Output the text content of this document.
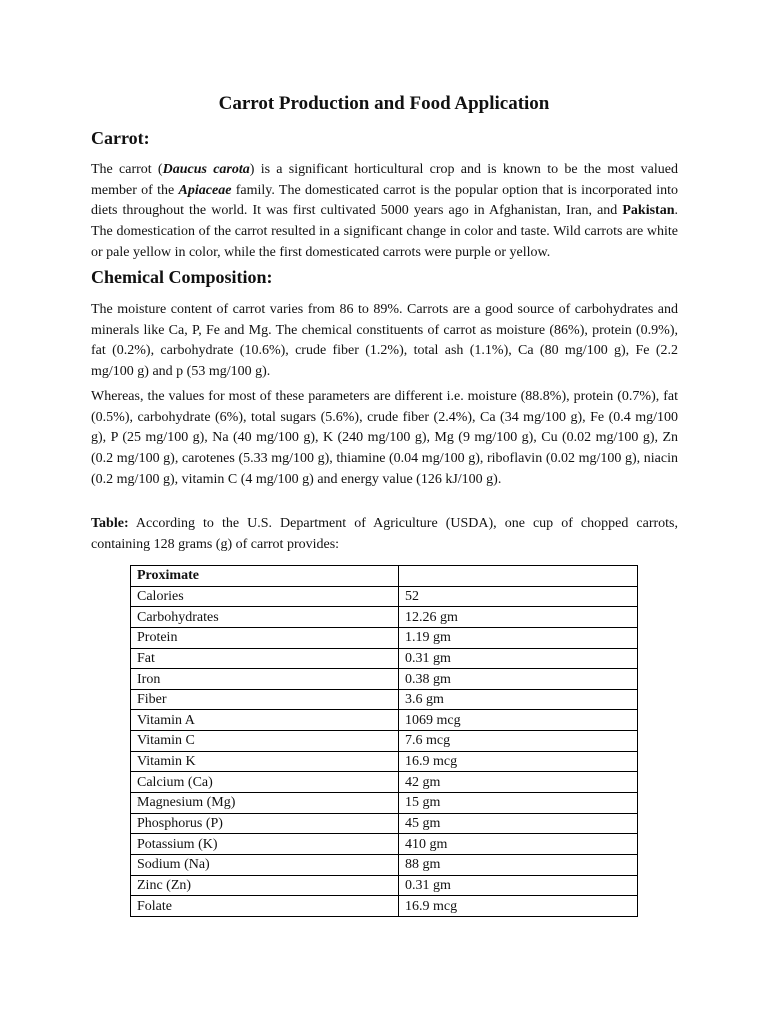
Carrot Production and Food Application
Carrot:

The carrot (Daucus carota) is a significant horticultural crop and is known to be the most valued member of the Apiaceae family. The domesticated carrot is the popular option that is incorporated into diets throughout the world. It was first cultivated 5000 years ago in Afghanistan, Iran, and Pakistan. The domestication of the carrot resulted in a significant change in color and taste. Wild carrots are white or pale yellow in color, while the first domesticated carrots were purple or yellow.

Chemical Composition:

The moisture content of carrot varies from 86 to 89%. Carrots are a good source of carbohydrates and minerals like Ca, P, Fe and Mg. The chemical constituents of carrot as moisture (86%), protein (0.9%), fat (0.2%), carbohydrate (10.6%), crude fiber (1.2%), total ash (1.1%), Ca (80 mg/100 g), Fe (2.2 mg/100 g) and p (53 mg/100 g).

Whereas, the values for most of these parameters are different i.e. moisture (88.8%), protein (0.7%), fat (0.5%), carbohydrate (6%), total sugars (5.6%), crude fiber (2.4%), Ca (34 mg/100 g), Fe (0.4 mg/100 g), P (25 mg/100 g), Na (40 mg/100 g), K (240 mg/100 g), Mg (9 mg/100 g), Cu (0.02 mg/100 g), Zn (0.2 mg/100 g), carotenes (5.33 mg/100 g), thiamine (0.04 mg/100 g), riboflavin (0.02 mg/100 g), niacin (0.2 mg/100 g), vitamin C (4 mg/100 g) and energy value (126 kJ/100 g).

Table: According to the U.S. Department of Agriculture (USDA), one cup of chopped carrots, containing 128 grams (g) of carrot provides:

Proximate	
Calories	52
Carbohydrates	12.26 gm
Protein	1.19 gm
Fat	0.31 gm
Iron	0.38 gm
Fiber	3.6 gm
Vitamin A	1069 mcg
Vitamin C	7.6 mcg
Vitamin K	16.9 mcg
Calcium (Ca)	42 gm
Magnesium (Mg)	15 gm
Phosphorus (P)	45 gm
Potassium (K)	410 gm
Sodium (Na)	88 gm
Zinc (Zn)	0.31 gm
Folate	16.9 mcg
